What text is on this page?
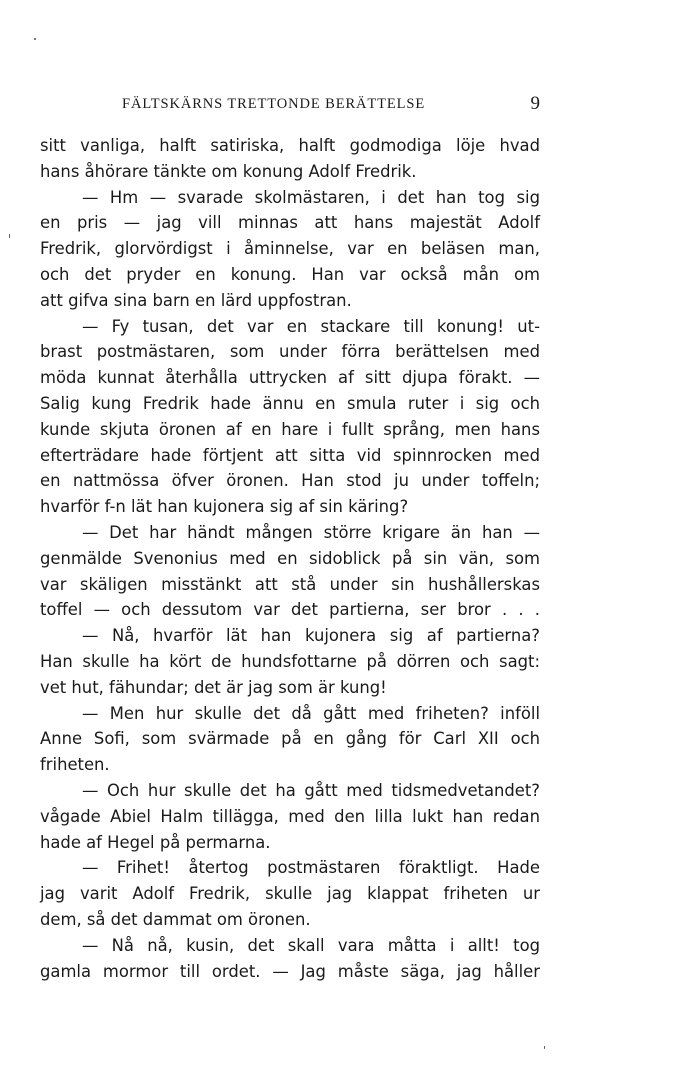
FÄLTSKÄRNS TRETTONDE BERÄTTELSE	9
sitt vanliga, halft satiriska, halft godmodiga löje hvad
hans åhörare tänkte om konung Adolf Fredrik.
— Hm — svarade skolmästaren, i det han tog sig
en pris — jag vill minnas att hans majestät Adolf
Fredrik, glorvördigst i åminnelse, var en beläsen man,
och det pryder en konung. Han var också mån om
att gifva sina barn en lärd uppfostran.
— Fy tusan, det var en stackare till konung! ut-
brast postmästaren, som under förra berättelsen med
möda kunnat återhålla uttrycken af sitt djupa förakt. —
Salig kung Fredrik hade ännu en smula ruter i sig och
kunde skjuta öronen af en hare i fullt språng, men hans
efterträdare hade förtjent att sitta vid spinnrocken med
en nattmössa öfver öronen. Han stod ju under toffeln;
hvarför f-n lät han kujonera sig af sin käring?
— Det har händt mången större krigare än han —
genmälde Svenonius med en sidoblick på sin vän, som
var skäligen misstänkt att stå under sin hushållerskas
toffel — och dessutom var det partierna, ser bror . . .
— Nå, hvarför lät han kujonera sig af partierna?
Han skulle ha kört de hundsfottarne på dörren och sagt:
vet hut, fähundar; det är jag som är kung!
— Men hur skulle det då gått med friheten? inföll
Anne Sofi, som svärmade på en gång för Carl XII och
friheten.
— Och hur skulle det ha gått med tidsmedvetandet?
vågade Abiel Halm tillägga, med den lilla lukt han redan
hade af Hegel på permarna.
— Frihet! återtog postmästaren föraktligt. Hade
jag varit Adolf Fredrik, skulle jag klappat friheten ur
dem, så det dammat om öronen.
— Nå nå, kusin, det skall vara måtta i allt! tog
gamla mormor till ordet. — Jag måste säga, jag håller
